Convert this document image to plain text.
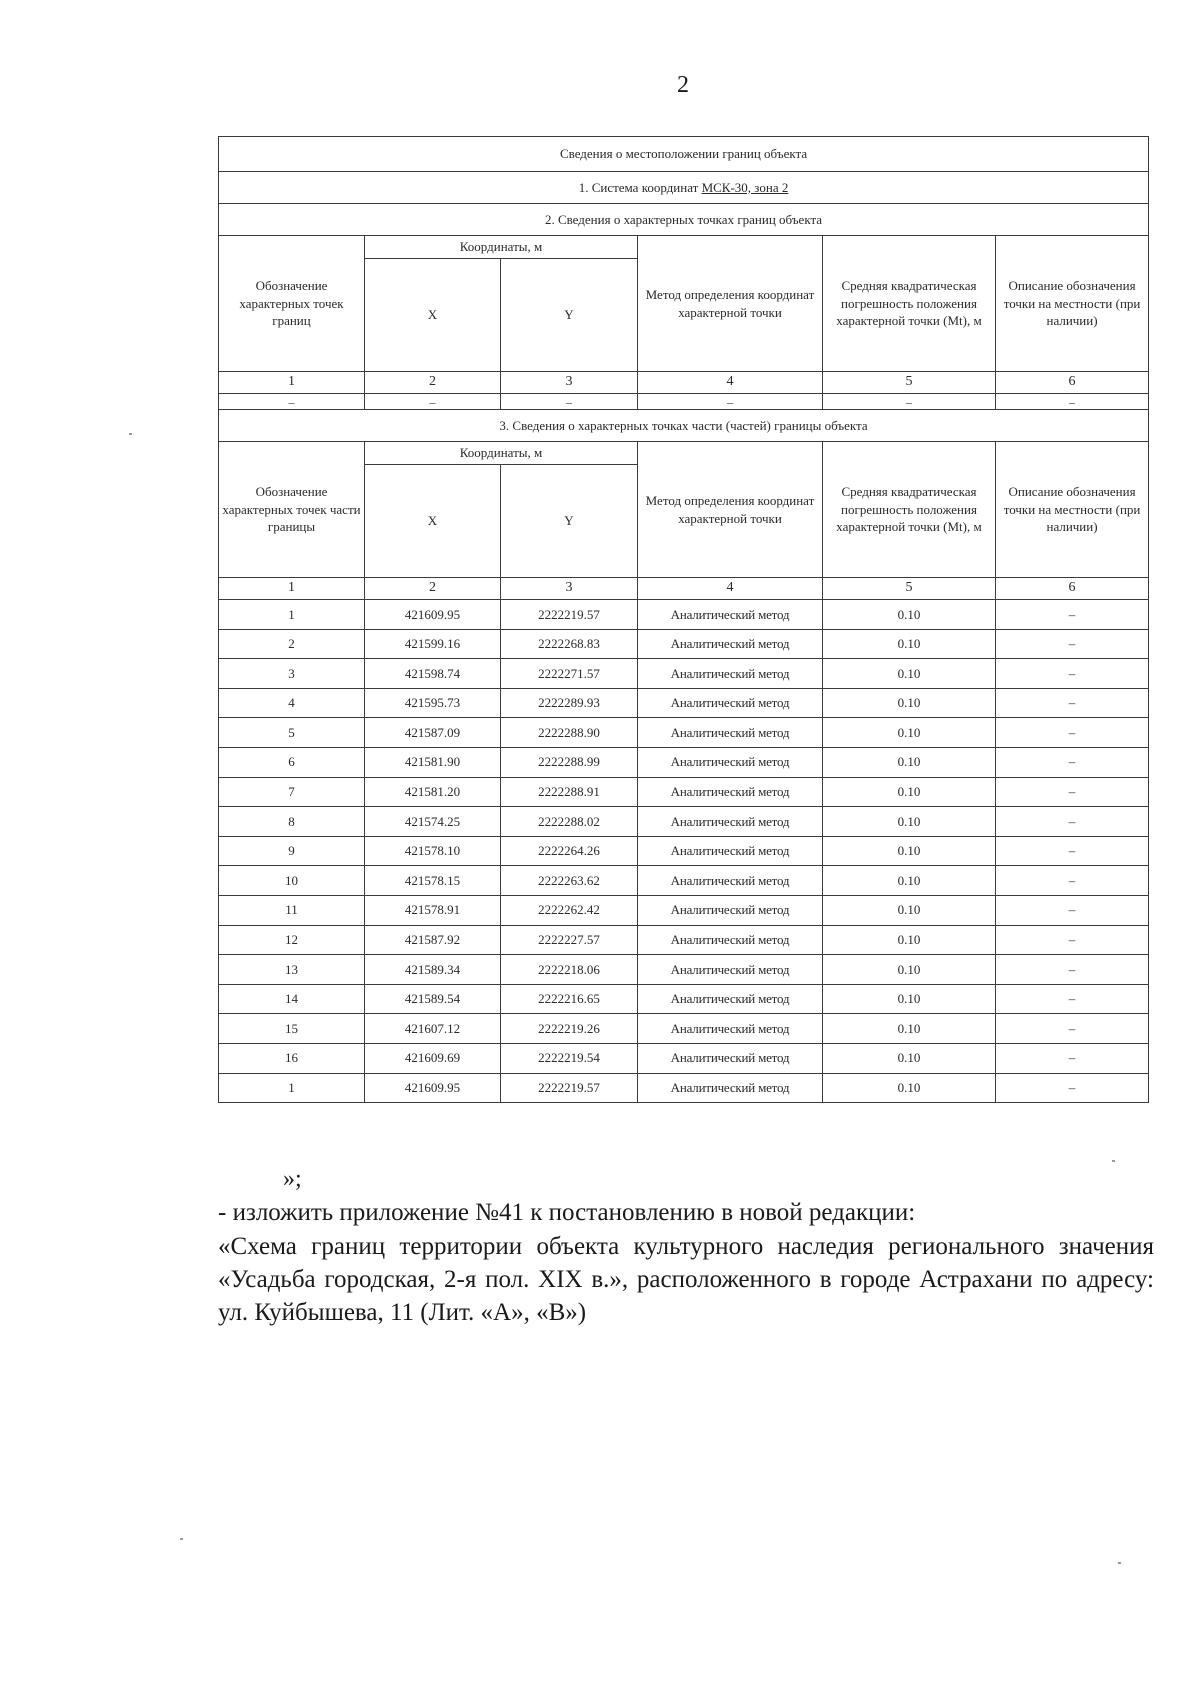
2
Сведения о местоположении границ объекта					
1. Система координат МСК-30, зона 2					
2. Сведения о характерных точках границ объекта					
Обозначение характерных точек границ	Координаты, м		Метод определения координат характерной точки	Средняя квадратическая погрешность положения характерной точки (Mt), м	Описание обозначения точки на местности (при наличии)
	X	Y			
1	2	3	4	5	6
–	–	–	–	–	–
3. Сведения о характерных точках части (частей) границы объекта					
Обозначение характерных точек части границы	Координаты, м		Метод определения координат характерной точки	Средняя квадратическая погрешность положения характерной точки (Mt), м	Описание обозначения точки на местности (при наличии)
	X	Y			
1	2	3	4	5	6
1	421609.95	2222219.57	Аналитический метод	0.10	–
2	421599.16	2222268.83	Аналитический метод	0.10	–
3	421598.74	2222271.57	Аналитический метод	0.10	–
4	421595.73	2222289.93	Аналитический метод	0.10	–
5	421587.09	2222288.90	Аналитический метод	0.10	–
6	421581.90	2222288.99	Аналитический метод	0.10	–
7	421581.20	2222288.91	Аналитический метод	0.10	–
8	421574.25	2222288.02	Аналитический метод	0.10	–
9	421578.10	2222264.26	Аналитический метод	0.10	–
10	421578.15	2222263.62	Аналитический метод	0.10	–
11	421578.91	2222262.42	Аналитический метод	0.10	–
12	421587.92	2222227.57	Аналитический метод	0.10	–
13	421589.34	2222218.06	Аналитический метод	0.10	–
14	421589.54	2222216.65	Аналитический метод	0.10	–
15	421607.12	2222219.26	Аналитический метод	0.10	–
16	421609.69	2222219.54	Аналитический метод	0.10	–
1	421609.95	2222219.57	Аналитический метод	0.10	–
»;
- изложить приложение №41 к постановлению в новой редакции:
«Схема границ территории объекта культурного наследия регионального значения «Усадьба городская, 2-я пол. XIX в.», расположенного в городе Астрахани по адресу: ул. Куйбышева, 11 (Лит. «А», «В»)
